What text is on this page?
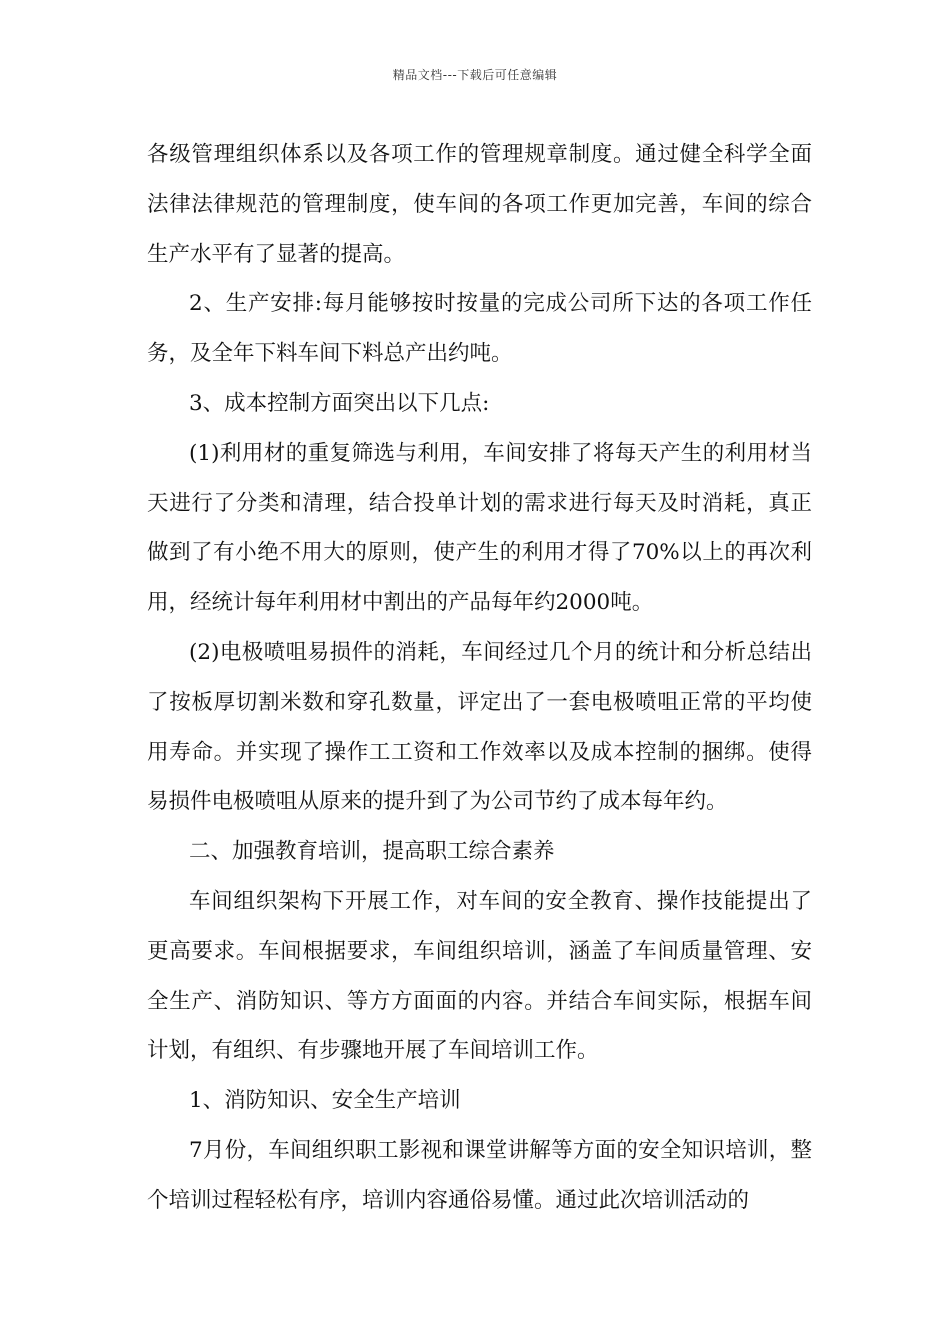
精品文档---下载后可任意编辑

各级管理组织体系以及各项工作的管理规章制度。通过健全科学全面法律法律规范的管理制度，使车间的各项工作更加完善，车间的综合生产水平有了显著的提高。

2、生产安排:每月能够按时按量的完成公司所下达的各项工作任务，及全年下料车间下料总产出约吨。

3、成本控制方面突出以下几点:

(1)利用材的重复筛选与利用，车间安排了将每天产生的利用材当天进行了分类和清理，结合投单计划的需求进行每天及时消耗，真正做到了有小绝不用大的原则，使产生的利用才得了70%以上的再次利用，经统计每年利用材中割出的产品每年约2000吨。

(2)电极喷咀易损件的消耗，车间经过几个月的统计和分析总结出了按板厚切割米数和穿孔数量，评定出了一套电极喷咀正常的平均使用寿命。并实现了操作工工资和工作效率以及成本控制的捆绑。使得易损件电极喷咀从原来的提升到了为公司节约了成本每年约。

二、加强教育培训，提高职工综合素养

车间组织架构下开展工作，对车间的安全教育、操作技能提出了更高要求。车间根据要求，车间组织培训，涵盖了车间质量管理、安全生产、消防知识、等方方面面的内容。并结合车间实际，根据车间计划，有组织、有步骤地开展了车间培训工作。

1、消防知识、安全生产培训

7月份，车间组织职工影视和课堂讲解等方面的安全知识培训，整个培训过程轻松有序，培训内容通俗易懂。通过此次培训活动的
